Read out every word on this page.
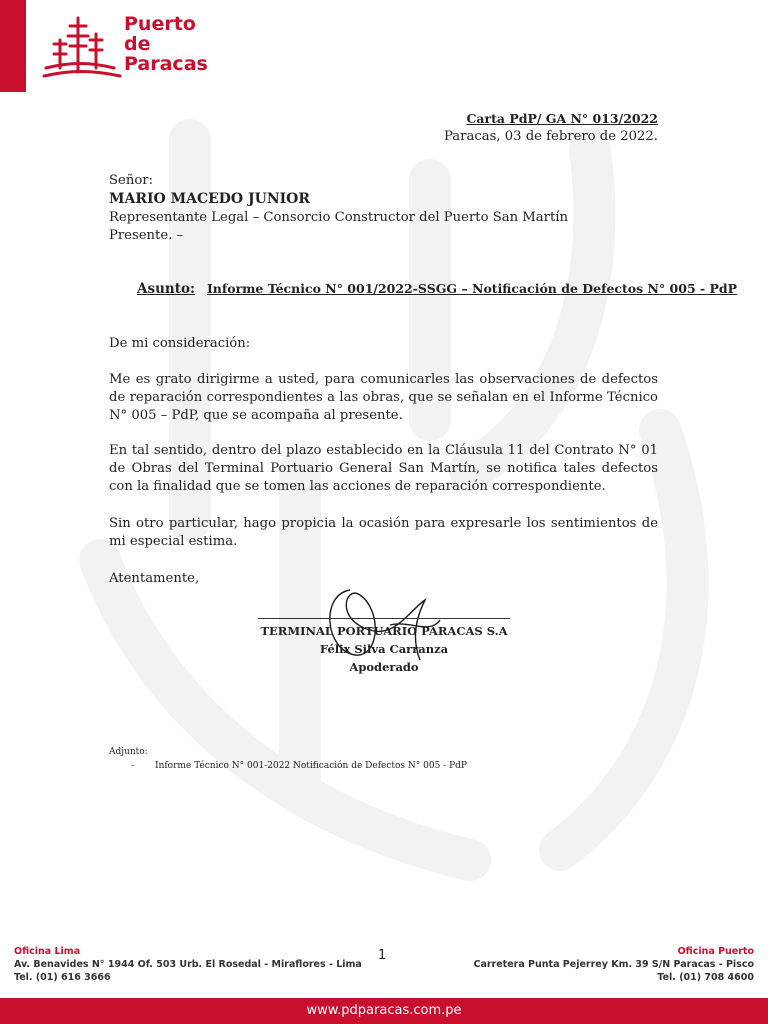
Puerto
de
Paracas
Carta PdP/ GA N° 013/2022
Paracas, 03 de febrero de 2022.
Señor:
MARIO MACEDO JUNIOR
Representante Legal – Consorcio Constructor del Puerto San Martín
Presente. –
Asunto: Informe Técnico N° 001/2022-SSGG – Notificación de Defectos N° 005 - PdP
De mi consideración:

Me es grato dirigirme a usted, para comunicarles las observaciones de defectos de reparación correspondientes a las obras, que se señalan en el Informe Técnico N° 005 – PdP, que se acompaña al presente.

En tal sentido, dentro del plazo establecido en la Cláusula 11 del Contrato N° 01 de Obras del Terminal Portuario General San Martín, se notifica tales defectos con la finalidad que se tomen las acciones de reparación correspondiente.

Sin otro particular, hago propicia la ocasión para expresarle los sentimientos de mi especial estima.

Atentamente,
TERMINAL PORTUARIO PARACAS S.A
Félix Silva Carranza
Apoderado
Adjunto:
- Informe Técnico N° 001-2022 Notificación de Defectos N° 005 - PdP
1
Oficina Lima
Av. Benavides N° 1944 Of. 503 Urb. El Rosedal - Miraflores - Lima
Tel. (01) 616 3666
Oficina Puerto
Carretera Punta Pejerrey Km. 39 S/N Paracas - Pisco
Tel. (01) 708 4600
www.pdparacas.com.pe
